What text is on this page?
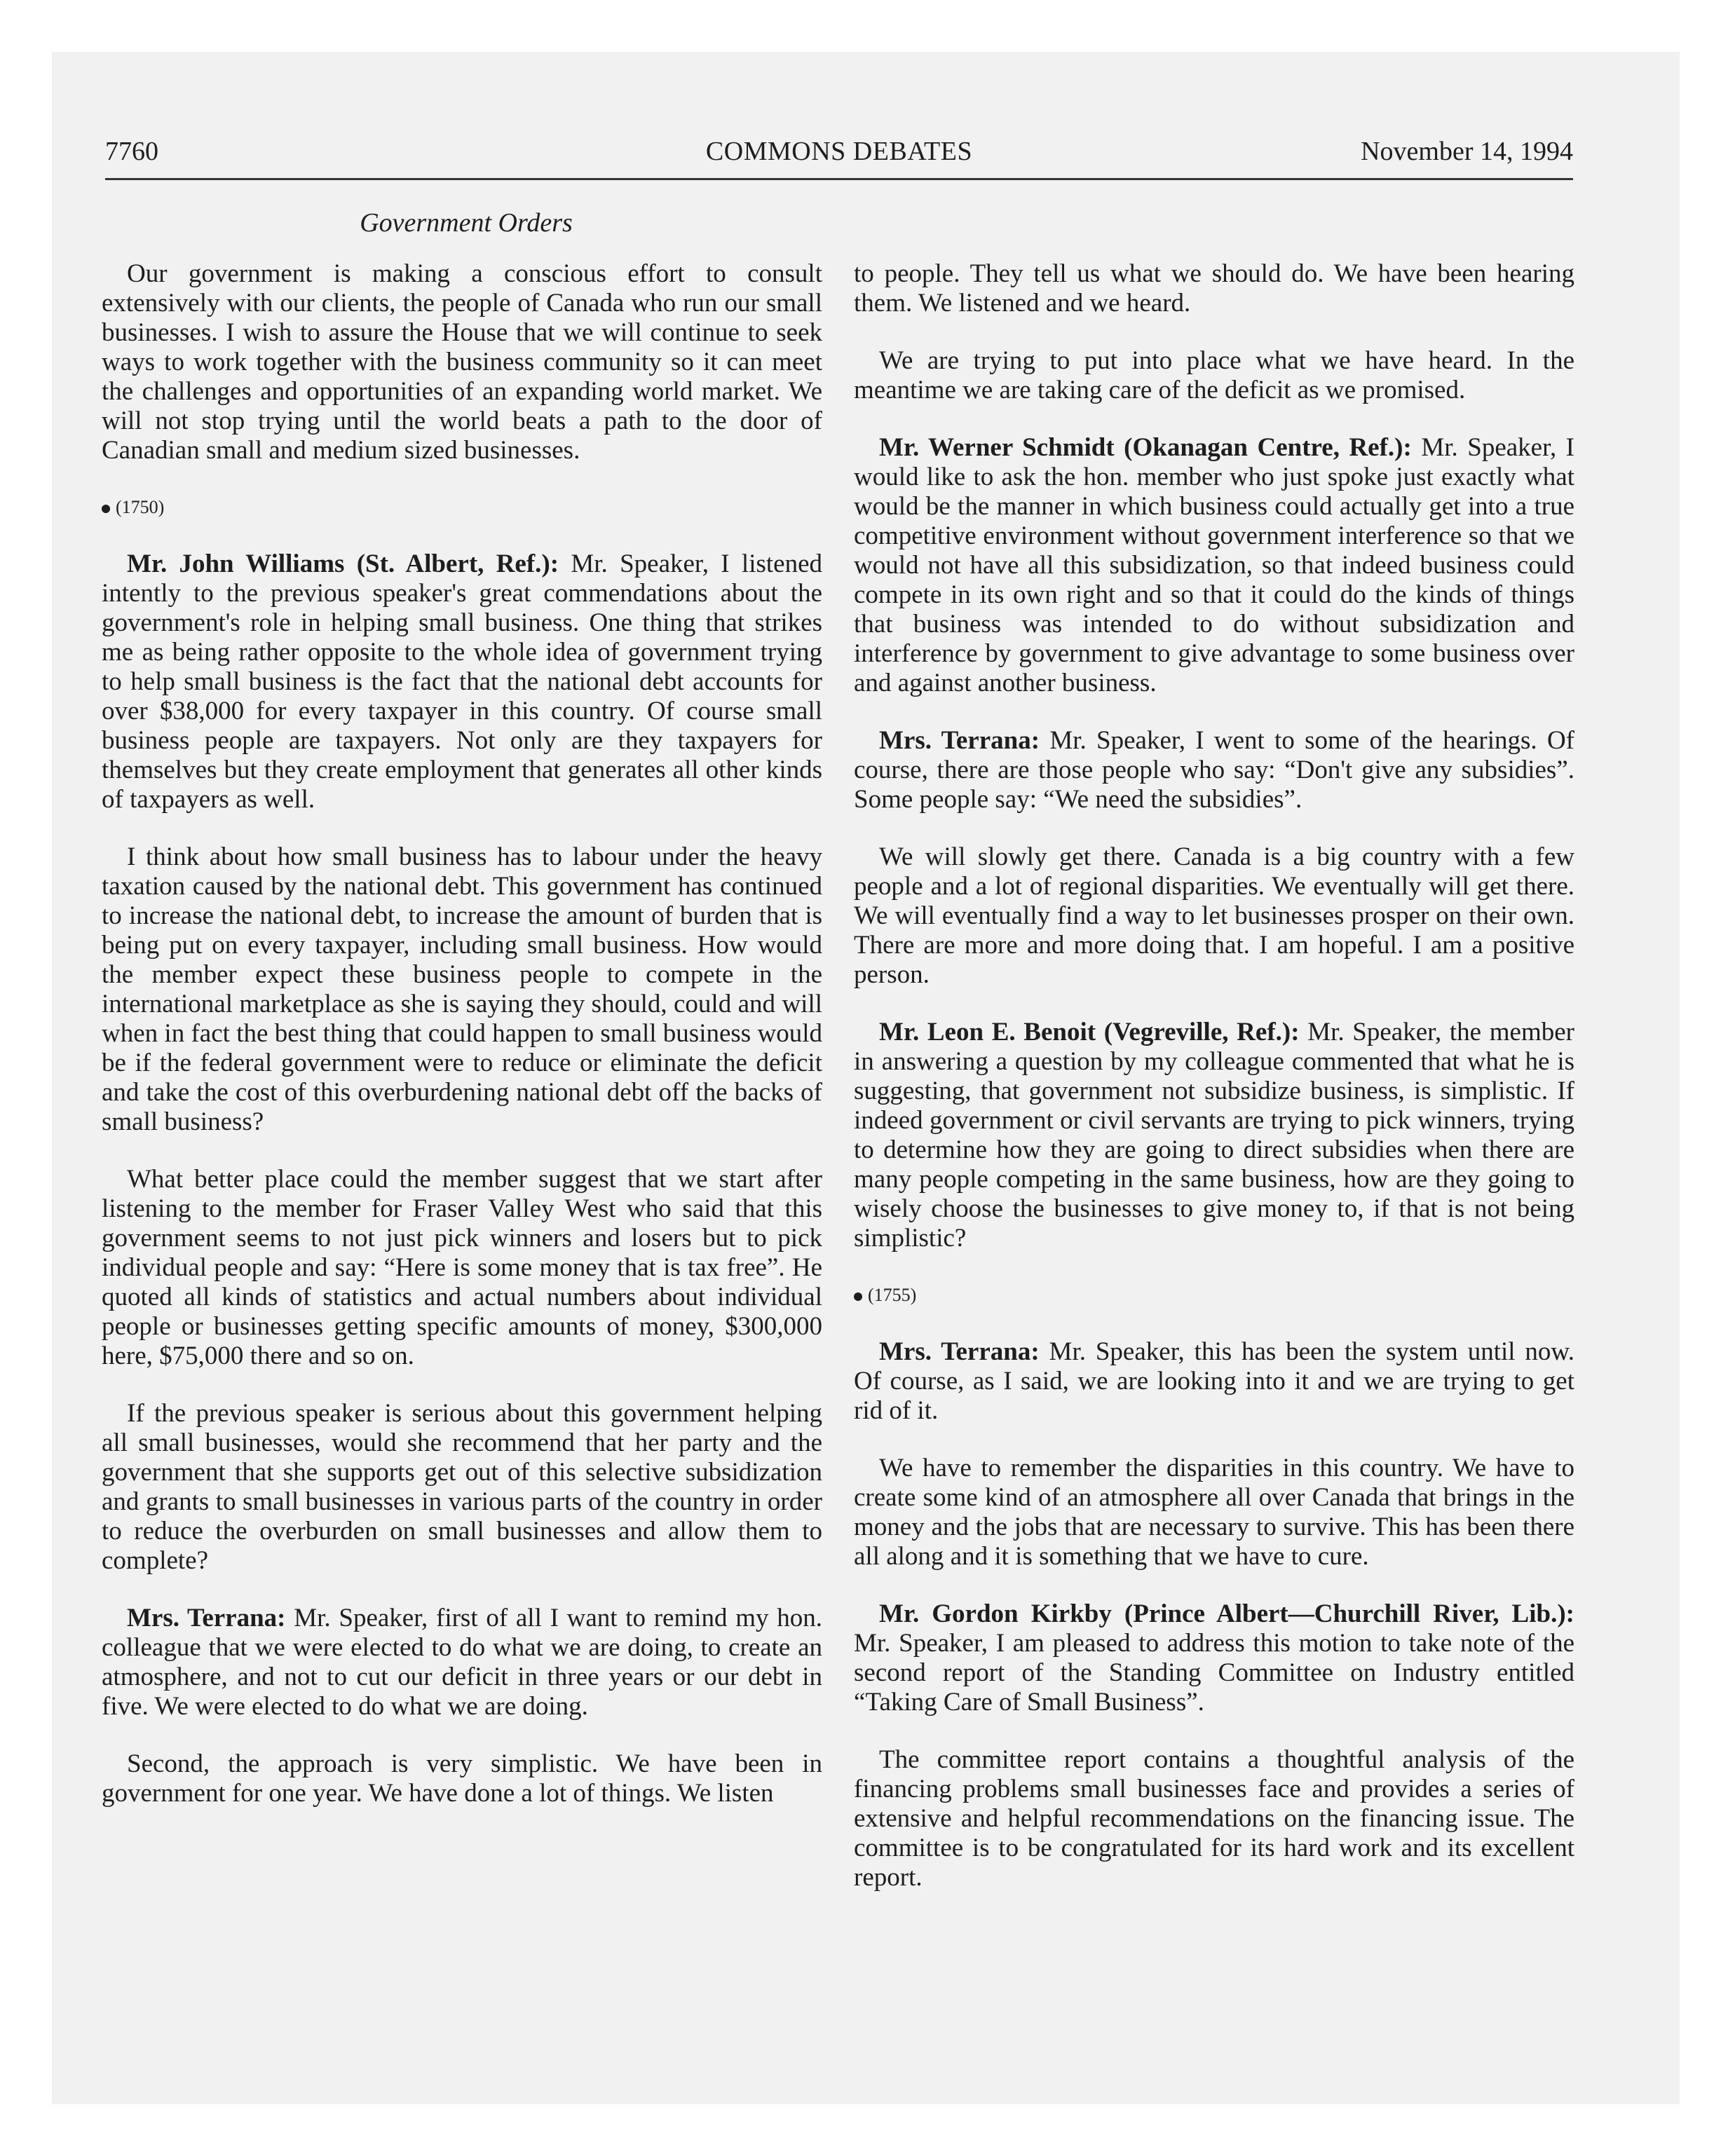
7760	COMMONS DEBATES	November 14, 1994
Government Orders

Our government is making a conscious effort to consult extensively with our clients, the people of Canada who run our small businesses. I wish to assure the House that we will continue to seek ways to work together with the business community so it can meet the challenges and opportunities of an expanding world market. We will not stop trying until the world beats a path to the door of Canadian small and medium sized businesses.

(1750)

Mr. John Williams (St. Albert, Ref.): Mr. Speaker, I listened intently to the previous speaker's great commendations about the government's role in helping small business. One thing that strikes me as being rather opposite to the whole idea of government trying to help small business is the fact that the national debt accounts for over $38,000 for every taxpayer in this country. Of course small business people are taxpayers. Not only are they taxpayers for themselves but they create employment that generates all other kinds of taxpayers as well.

I think about how small business has to labour under the heavy taxation caused by the national debt. This government has continued to increase the national debt, to increase the amount of burden that is being put on every taxpayer, including small business. How would the member expect these business people to compete in the international marketplace as she is saying they should, could and will when in fact the best thing that could happen to small business would be if the federal government were to reduce or eliminate the deficit and take the cost of this overburdening national debt off the backs of small business?

What better place could the member suggest that we start after listening to the member for Fraser Valley West who said that this government seems to not just pick winners and losers but to pick individual people and say: “Here is some money that is tax free”. He quoted all kinds of statistics and actual numbers about individual people or businesses getting specific amounts of money, $300,000 here, $75,000 there and so on.

If the previous speaker is serious about this government helping all small businesses, would she recommend that her party and the government that she supports get out of this selective subsidization and grants to small businesses in various parts of the country in order to reduce the overburden on small businesses and allow them to complete?

Mrs. Terrana: Mr. Speaker, first of all I want to remind my hon. colleague that we were elected to do what we are doing, to create an atmosphere, and not to cut our deficit in three years or our debt in five. We were elected to do what we are doing.

Second, the approach is very simplistic. We have been in government for one year. We have done a lot of things. We listen

to people. They tell us what we should do. We have been hearing them. We listened and we heard.

We are trying to put into place what we have heard. In the meantime we are taking care of the deficit as we promised.

Mr. Werner Schmidt (Okanagan Centre, Ref.): Mr. Speaker, I would like to ask the hon. member who just spoke just exactly what would be the manner in which business could actually get into a true competitive environment without government interference so that we would not have all this subsidization, so that indeed business could compete in its own right and so that it could do the kinds of things that business was intended to do without subsidization and interference by government to give advantage to some business over and against another business.

Mrs. Terrana: Mr. Speaker, I went to some of the hearings. Of course, there are those people who say: “Don't give any subsidies”. Some people say: “We need the subsidies”.

We will slowly get there. Canada is a big country with a few people and a lot of regional disparities. We eventually will get there. We will eventually find a way to let businesses prosper on their own. There are more and more doing that. I am hopeful. I am a positive person.

Mr. Leon E. Benoit (Vegreville, Ref.): Mr. Speaker, the member in answering a question by my colleague commented that what he is suggesting, that government not subsidize business, is simplistic. If indeed government or civil servants are trying to pick winners, trying to determine how they are going to direct subsidies when there are many people competing in the same business, how are they going to wisely choose the businesses to give money to, if that is not being simplistic?

(1755)

Mrs. Terrana: Mr. Speaker, this has been the system until now. Of course, as I said, we are looking into it and we are trying to get rid of it.

We have to remember the disparities in this country. We have to create some kind of an atmosphere all over Canada that brings in the money and the jobs that are necessary to survive. This has been there all along and it is something that we have to cure.

Mr. Gordon Kirkby (Prince Albert—Churchill River, Lib.): Mr. Speaker, I am pleased to address this motion to take note of the second report of the Standing Committee on Industry entitled “Taking Care of Small Business”.

The committee report contains a thoughtful analysis of the financing problems small businesses face and provides a series of extensive and helpful recommendations on the financing issue. The committee is to be congratulated for its hard work and its excellent report.
